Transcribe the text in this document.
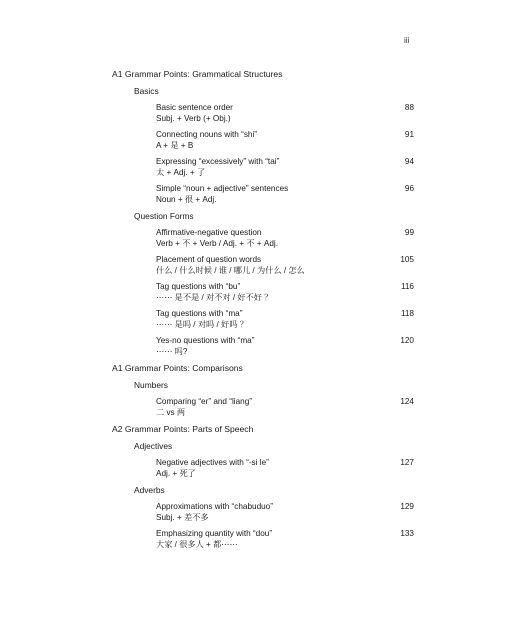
iii
A1 Grammar Points: Grammatical Structures
Basics
Basic sentence order
Subj. + Verb (+ Obj.)
88
Connecting nouns with “shi”
A + 是 + B
91
Expressing “excessively” with “tai”
太 + Adj. + 了
94
Simple “noun + adjective” sentences
Noun + 很 + Adj.
96
Question Forms
Affirmative-negative question
Verb + 不 + Verb / Adj. + 不 + Adj.
99
Placement of question words
什么 / 什么时候 / 谁 / 哪儿 / 为什么 / 怎么
105
Tag questions with “bu”
⋯⋯ 是不是 / 对不对 / 好不好 ？
116
Tag questions with “ma”
⋯⋯ 是吗 / 对吗 / 好吗 ？
118
Yes-no questions with “ma”
⋯⋯ 吗?
120
A1 Grammar Points: Comparisons
Numbers
Comparing “er” and “liang”
二 vs 两
124
A2 Grammar Points: Parts of Speech
Adjectives
Negative adjectives with “-si le”
Adj. + 死了
127
Adverbs
Approximations with “chabuduo”
Subj. + 差不多
129
Emphasizing quantity with “dou”
大家 / 很多人 + 都⋯⋯
133
